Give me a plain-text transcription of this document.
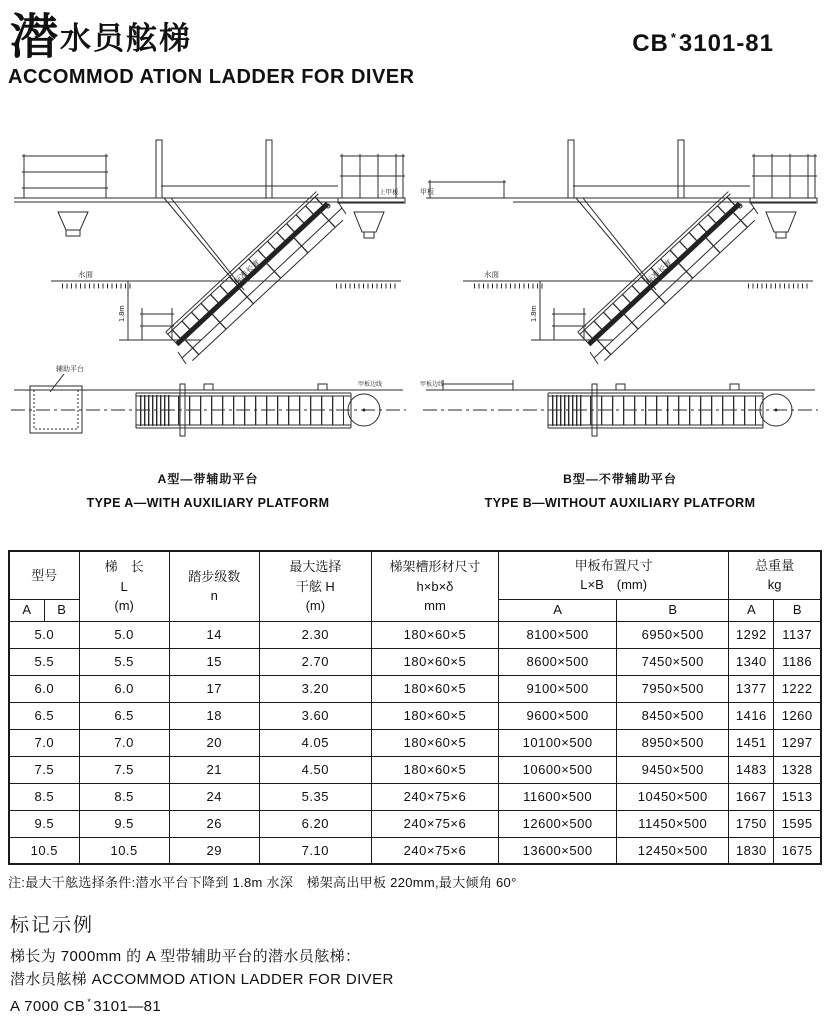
潜 水员舷梯	CB *3101-81
ACCOMMOD ATION LADDER FOR DIVER
上甲板
标准长度
水面
1.8m
甲板边线
辅助平台
A型—带辅助平台
TYPE A—WITH AUXILIARY PLATFORM
甲板
标准长度
水面
1.8m
甲板边线
B型—不带辅助平台
TYPE B—WITHOUT AUXILIARY PLATFORM
型号	
梯　长
L
(m)

踏步级数
n

最大选择
干舷 H
(m)

梯架槽形材尺寸
h×b×δ
mm

甲板布置尺寸
L×B　(mm)

总重量
kg

A	B					A	B	A	B
5.0		5.0	14	2.30	180×60×5	8100×500	6950×500	1292	1137
5.5		5.5	15	2.70	180×60×5	8600×500	7450×500	1340	1186
6.0		6.0	17	3.20	180×60×5	9100×500	7950×500	1377	1222
6.5		6.5	18	3.60	180×60×5	9600×500	8450×500	1416	1260
7.0		7.0	20	4.05	180×60×5	10100×500	8950×500	1451	1297
7.5		7.5	21	4.50	180×60×5	10600×500	9450×500	1483	1328
8.5		8.5	24	5.35	240×75×6	11600×500	10450×500	1667	1513
9.5		9.5	26	6.20	240×75×6	12600×500	11450×500	1750	1595
10.5		10.5	29	7.10	240×75×6	13600×500	12450×500	1830	1675

注:最大干舷选择条件:潜水平台下降到 1.8m 水深　梯架高出甲板 220mm,最大倾角 60°

标记示例

梯长为 7000mm 的 A 型带辅助平台的潜水员舷梯：

潜水员舷梯 ACCOMMOD ATION LADDER FOR DIVER

A 7000 CB * 3101—81
